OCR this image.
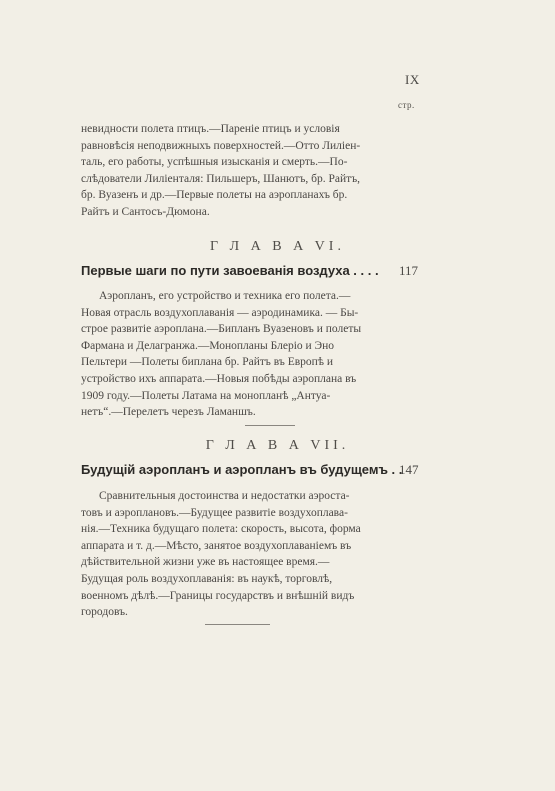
IX
стр.
невидности полета птицъ.—Паренiе птицъ и условiя
равновѣсiя неподвижныхъ поверхностей.—Отто Лилiен-
таль, его работы, успѣшныя изысканiя и смерть.—По-
слѣдователи Лилiенталя: Пильшеръ, Шанютъ, бр. Райтъ,
бр. Вуазенъ и др.—Первые полеты на аэропланахъ бр.
Райтъ и Сантосъ-Дюмона.
Г Л А В А VI.
Первые шаги по пути завоеванiя воздуха . . . .	117
Аэропланъ, его устройство и техника его полета.—
Новая отрасль воздухоплаванiя — аэродинамика. — Бы-
строе развитiе аэроплана.—Бипланъ Вуазеновъ и полеты
Фармана и Делагранжа.—Монопланы Блерiо и Эно
Пельтери —Полеты биплана бр. Райтъ въ Европѣ и
устройство ихъ аппарата.—Новыя побѣды аэроплана въ
1909 году.—Полеты Латама на монопланѣ „Антуа-
нетъ“.—Перелетъ черезъ Ламаншъ.
Г Л А В А VII.
Будущiй аэропланъ и аэропланъ въ будущемъ . .
147
Сравнительныя достоинства и недостатки аэроста-
товъ и аэроплановъ.—Будущее развитiе воздухоплава-
нiя.—Техника будущаго полета: скорость, высота, форма
аппарата и т. д.—Мѣсто, занятое воздухоплаванiемъ въ
дѣйствительной жизни уже въ настоящее время.—
Будущая роль воздухоплаванiя: въ наукѣ, торговлѣ,
военномъ дѣлѣ.—Границы государствъ и внѣшнiй видъ
городовъ.
